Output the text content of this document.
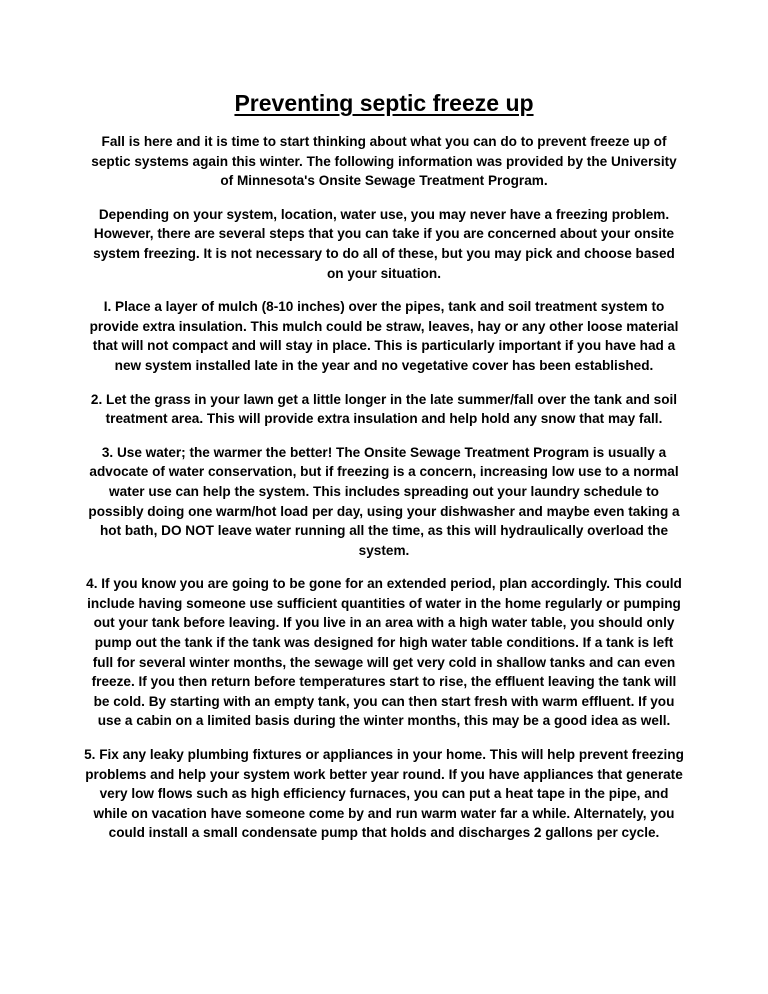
Preventing septic freeze up

Fall is here and it is time to start thinking about what you can do to prevent freeze up of septic systems again this winter. The following information was provided by the University of Minnesota's Onsite Sewage Treatment Program.

Depending on your system, location, water use, you may never have a freezing problem. However, there are several steps that you can take if you are concerned about your onsite system freezing. It is not necessary to do all of these, but you may pick and choose based on your situation.

I. Place a layer of mulch (8-10 inches) over the pipes, tank and soil treatment system to provide extra insulation. This mulch could be straw, leaves, hay or any other loose material that will not compact and will stay in place. This is particularly important if you have had a new system installed late in the year and no vegetative cover has been established.

2. Let the grass in your lawn get a little longer in the late summer/fall over the tank and soil treatment area. This will provide extra insulation and help hold any snow that may fall.

3. Use water; the warmer the better! The Onsite Sewage Treatment Program is usually a advocate of water conservation, but if freezing is a concern, increasing low use to a normal water use can help the system. This includes spreading out your laundry schedule to possibly doing one warm/hot load per day, using your dishwasher and maybe even taking a hot bath, DO NOT leave water running all the time, as this will hydraulically overload the system.

4. If you know you are going to be gone for an extended period, plan accordingly. This could include having someone use sufficient quantities of water in the home regularly or pumping out your tank before leaving. If you live in an area with a high water table, you should only pump out the tank if the tank was designed for high water table conditions. If a tank is left full for several winter months, the sewage will get very cold in shallow tanks and can even freeze. If you then return before temperatures start to rise, the effluent leaving the tank will be cold. By starting with an empty tank, you can then start fresh with warm effluent. If you use a cabin on a limited basis during the winter months, this may be a good idea as well.

5. Fix any leaky plumbing fixtures or appliances in your home. This will help prevent freezing problems and help your system work better year round. If you have appliances that generate very low flows such as high efficiency furnaces, you can put a heat tape in the pipe, and while on vacation have someone come by and run warm water far a while. Alternately, you could install a small condensate pump that holds and discharges 2 gallons per cycle.
